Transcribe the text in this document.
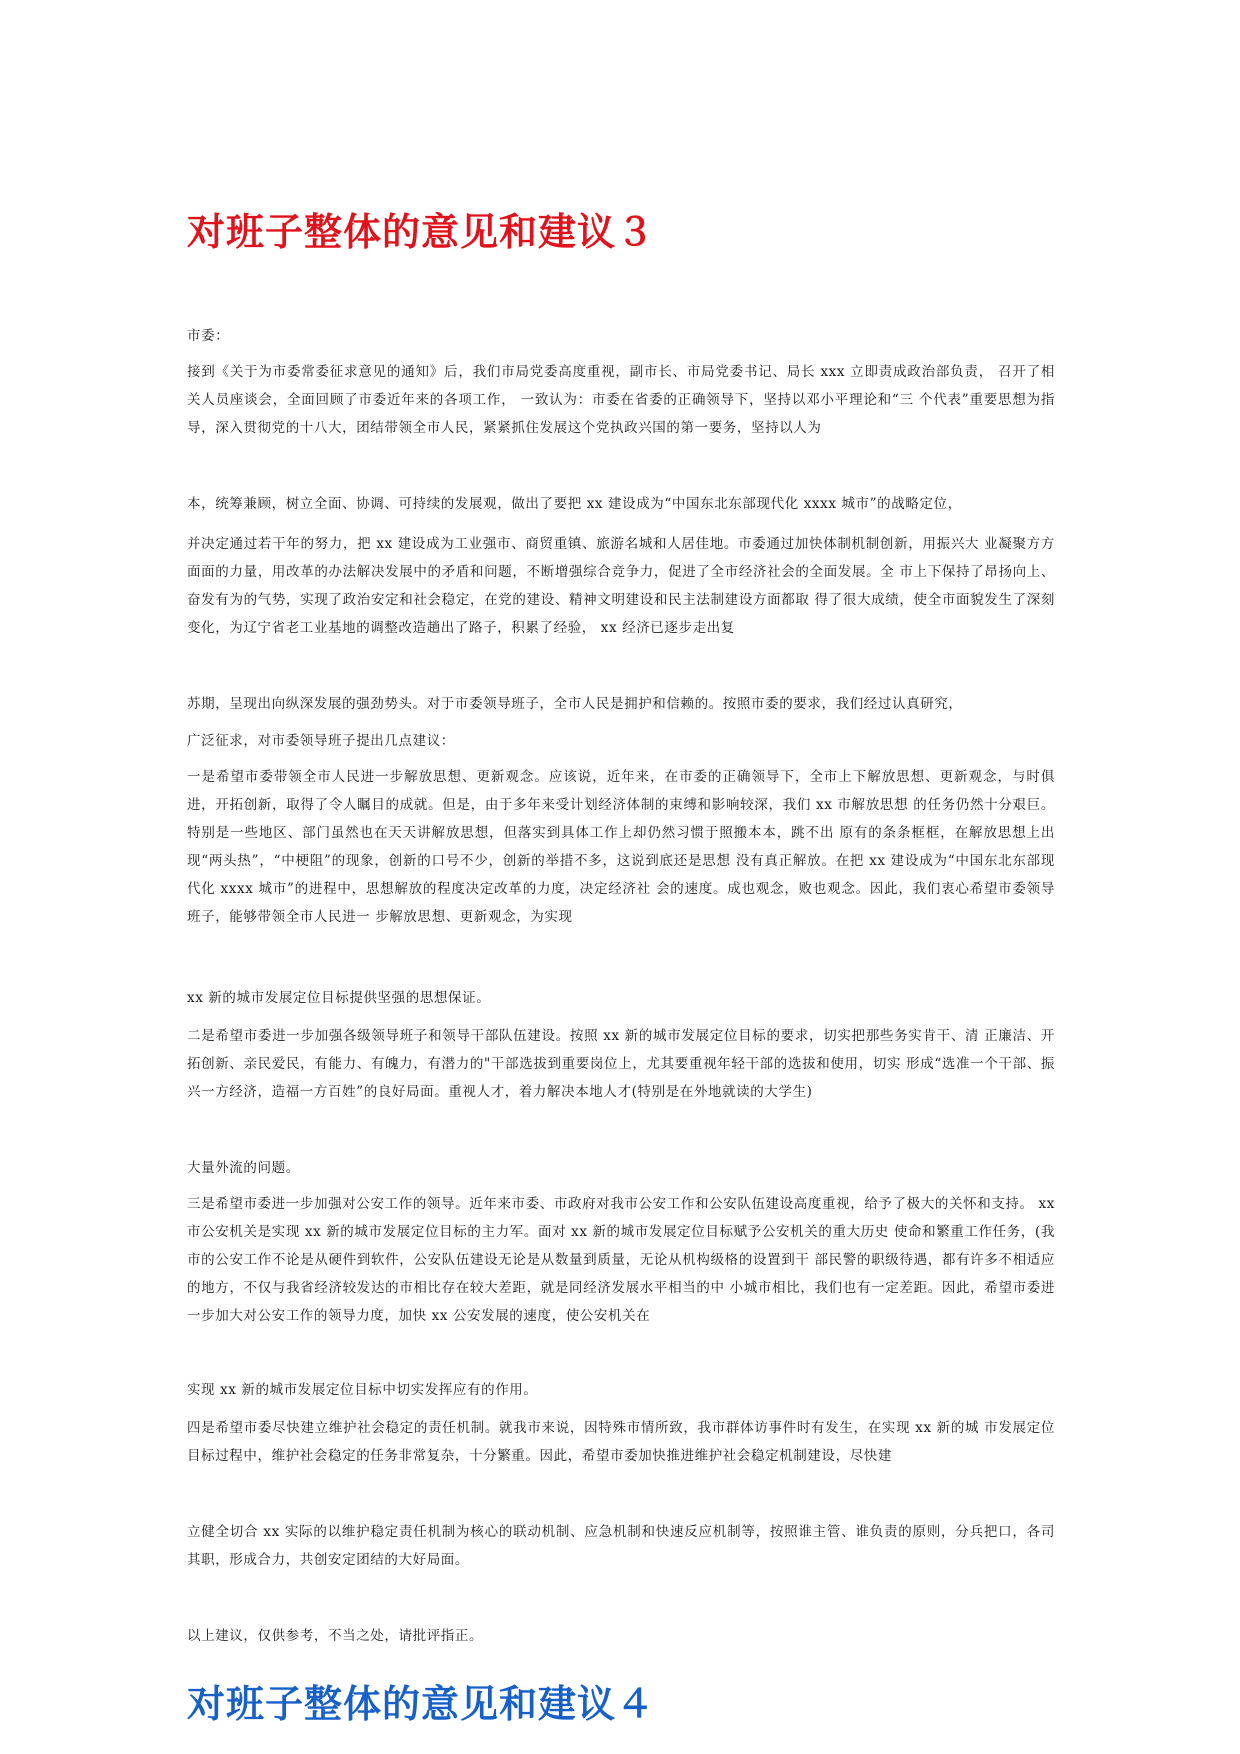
对班子整体的意见和建议３

市委：

接到《关于为市委常委征求意见的通知》后，我们市局党委高度重视，副市长、市局党委书记、局长 xxx 立即责成政治部负责， 召开了相关人员座谈会，全面回顾了市委近年来的各项工作， 一致认为：市委在省委的正确领导下，坚持以邓小平理论和“三 个代表”重要思想为指导，深入贯彻党的十八大，团结带领全市人民，紧紧抓住发展这个党执政兴国的第一要务，坚持以人为

本，统筹兼顾，树立全面、协调、可持续的发展观，做出了要把 xx 建设成为“中国东北东部现代化 xxxx 城市”的战略定位，

并决定通过若干年的努力，把 xx 建设成为工业强市、商贸重镇、旅游名城和人居佳地。市委通过加快体制机制创新，用振兴大 业凝聚方方面面的力量，用改革的办法解决发展中的矛盾和问题，不断增强综合竞争力，促进了全市经济社会的全面发展。全 市上下保持了昂扬向上、奋发有为的气势，实现了政治安定和社会稳定，在党的建设、精神文明建设和民主法制建设方面都取 得了很大成绩，使全市面貌发生了深刻变化，为辽宁省老工业基地的调整改造趟出了路子，积累了经验， xx 经济已逐步走出复

苏期，呈现出向纵深发展的强劲势头。对于市委领导班子，全市人民是拥护和信赖的。按照市委的要求，我们经过认真研究，

广泛征求，对市委领导班子提出几点建议：

一是希望市委带领全市人民进一步解放思想、更新观念。应该说，近年来，在市委的正确领导下，全市上下解放思想、更新观念，与时俱进，开拓创新，取得了令人瞩目的成就。但是，由于多年来受计划经济体制的束缚和影响较深，我们 xx 市解放思想 的任务仍然十分艰巨。特别是一些地区、部门虽然也在天天讲解放思想，但落实到具体工作上却仍然习惯于照搬本本，跳不出 原有的条条框框，在解放思想上出现“两头热”，“中梗阻”的现象，创新的口号不少，创新的举措不多，这说到底还是思想 没有真正解放。在把 xx 建设成为“中国东北东部现代化 xxxx 城市”的进程中，思想解放的程度决定改革的力度，决定经济社 会的速度。成也观念，败也观念。因此，我们衷心希望市委领导班子，能够带领全市人民进一 步解放思想、更新观念，为实现

xx 新的城市发展定位目标提供坚强的思想保证。

二是希望市委进一步加强各级领导班子和领导干部队伍建设。按照 xx 新的城市发展定位目标的要求，切实把那些务实肯干、清 正廉洁、开拓创新、亲民爱民，有能力、有魄力，有潜力的"干部选拔到重要岗位上，尤其要重视年轻干部的选拔和使用，切实 形成“选准一个干部、振兴一方经济，造福一方百姓”的良好局面。重视人才，着力解决本地人才(特别是在外地就读的大学生)

大量外流的问题。

三是希望市委进一步加强对公安工作的领导。近年来市委、市政府对我市公安工作和公安队伍建设高度重视，给予了极大的关怀和支持。 xx 市公安机关是实现 xx 新的城市发展定位目标的主力军。面对 xx 新的城市发展定位目标赋予公安机关的重大历史 使命和繁重工作任务，(我市的公安工作不论是从硬件到软件，公安队伍建设无论是从数量到质量，无论从机构级格的设置到干 部民警的职级待遇，都有许多不相适应的地方，不仅与我省经济较发达的市相比存在较大差距，就是同经济发展水平相当的中 小城市相比，我们也有一定差距。因此，希望市委进一步加大对公安工作的领导力度，加快 xx 公安发展的速度，使公安机关在

实现 xx 新的城市发展定位目标中切实发挥应有的作用。

四是希望市委尽快建立维护社会稳定的责任机制。就我市来说，因特殊市情所致，我市群体访事件时有发生，在实现 xx 新的城 市发展定位目标过程中，维护社会稳定的任务非常复杂，十分繁重。因此，希望市委加快推进维护社会稳定机制建设，尽快建

立健全切合 xx 实际的以维护稳定责任机制为核心的联动机制、应急机制和快速反应机制等，按照谁主管、谁负责的原则，分兵把口，各司其职，形成合力，共创安定团结的大好局面。

以上建议，仅供参考，不当之处，请批评指正。

对班子整体的意见和建议４
